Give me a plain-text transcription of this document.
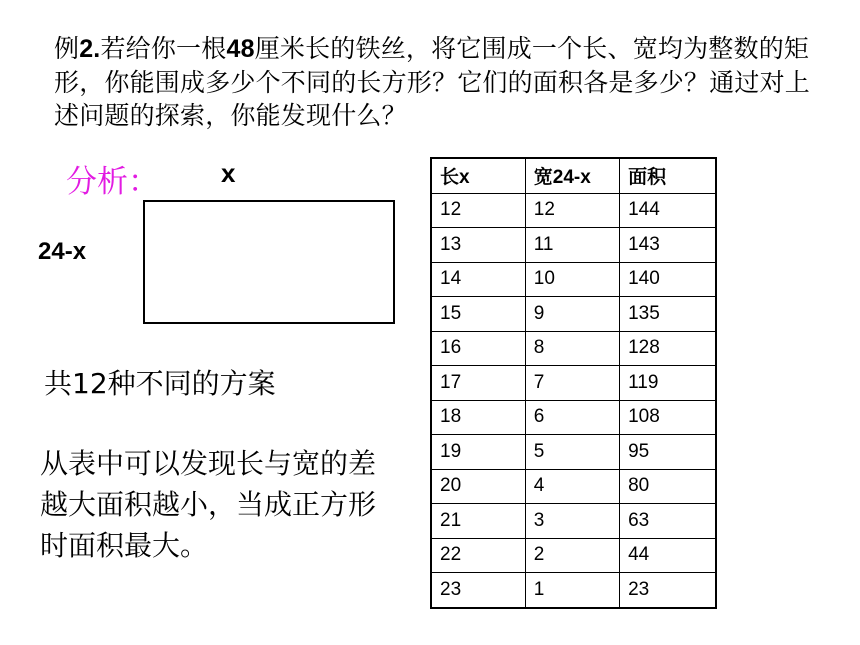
例2.若给你一根48厘米长的铁丝，将它围成一个长、宽均为整数的矩形，你能围成多少个不同的长方形？它们的面积各是多少？通过对上述问题的探索，你能发现什么？
分析： x
24-x
共12种不同的方案
从表中可以发现长与宽的差越大面积越小，当成正方形时面积最大。
长x	宽24-x	面积
12	12	144
13	11	143
14	10	140
15	9	135
16	8	128
17	7	119
18	6	108
19	5	95
20	4	80
21	3	63
22	2	44
23	1	23
